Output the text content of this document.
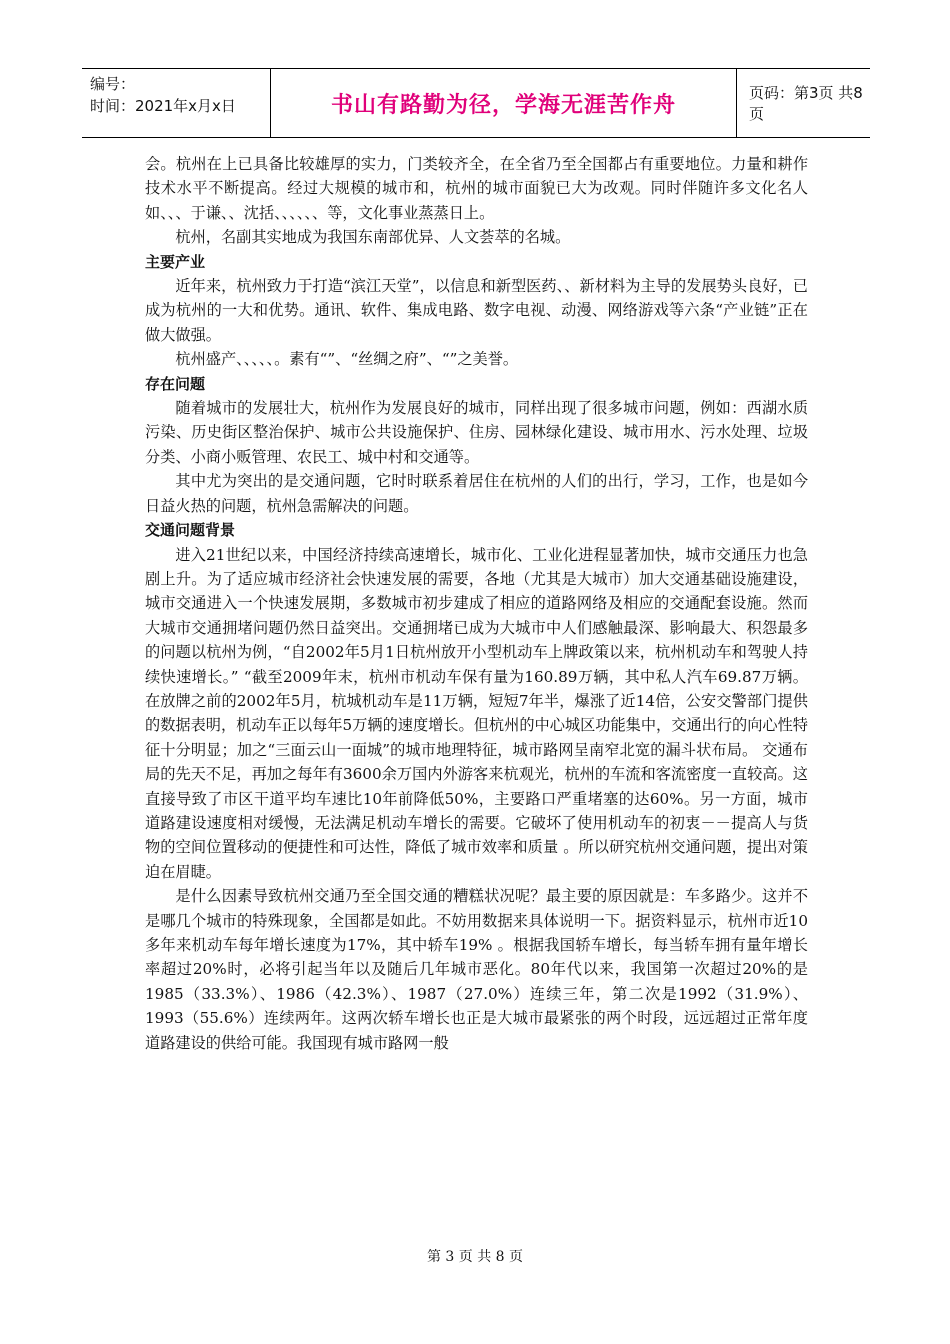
编号：
时间：2021年x月x日	书山有路勤为径，学海无涯苦作舟	页码：第3页 共8页

会。杭州在上已具备比较雄厚的实力，门类较齐全，在全省乃至全国都占有重要地位。力量和耕作技术水平不断提高。经过大规模的城市和，杭州的城市面貌已大为改观。同时伴随许多文化名人如、、、于谦、、沈括、、、、、、等，文化事业蒸蒸日上。

杭州，名副其实地成为我国东南部优异、人文荟萃的名城。

主要产业

近年来，杭州致力于打造“滨江天堂”，以信息和新型医药、、新材料为主导的发展势头良好，已成为杭州的一大和优势。通讯、软件、集成电路、数字电视、动漫、网络游戏等六条“产业链”正在做大做强。

杭州盛产、、、、、。素有“”、“丝绸之府”、“”之美誉。

存在问题

随着城市的发展壮大，杭州作为发展良好的城市，同样出现了很多城市问题，例如：西湖水质污染、历史街区整治保护、城市公共设施保护、住房、园林绿化建设、城市用水、污水处理、垃圾分类、小商小贩管理、农民工、城中村和交通等。

其中尤为突出的是交通问题，它时时联系着居住在杭州的人们的出行，学习，工作，也是如今日益火热的问题，杭州急需解决的问题。

交通问题背景

进入21世纪以来，中国经济持续高速增长，城市化、工业化进程显著加快，城市交通压力也急剧上升。为了适应城市经济社会快速发展的需要，各地（尤其是大城市）加大交通基础设施建设，城市交通进入一个快速发展期，多数城市初步建成了相应的道路网络及相应的交通配套设施。然而大城市交通拥堵问题仍然日益突出。交通拥堵已成为大城市中人们感触最深、影响最大、积怨最多的问题以杭州为例，“自2002年5月1日杭州放开小型机动车上牌政策以来，杭州机动车和驾驶人持续快速增长。” “截至2009年末，杭州市机动车保有量为160.89万辆，其中私人汽车69.87万辆。 在放牌之前的2002年5月，杭城机动车是11万辆，短短7年半，爆涨了近14倍，公安交警部门提供的数据表明，机动车正以每年5万辆的速度增长。但杭州的中心城区功能集中，交通出行的向心性特征十分明显；加之“三面云山一面城”的城市地理特征，城市路网呈南窄北宽的漏斗状布局。 交通布局的先天不足，再加之每年有3600余万国内外游客来杭观光，杭州的车流和客流密度一直较高。这直接导致了市区干道平均车速比10年前降低50%，主要路口严重堵塞的达60%。另一方面，城市道路建设速度相对缓慢，无法满足机动车增长的需要。它破坏了使用机动车的初衷－－提高人与货物的空间位置移动的便捷性和可达性，降低了城市效率和质量 。所以研究杭州交通问题，提出对策迫在眉睫。

是什么因素导致杭州交通乃至全国交通的糟糕状况呢？最主要的原因就是：车多路少。这并不是哪几个城市的特殊现象，全国都是如此。不妨用数据来具体说明一下。据资料显示，杭州市近10多年来机动车每年增长速度为17%，其中轿车19% 。根据我国轿车增长，每当轿车拥有量年增长率超过20%时，必将引起当年以及随后几年城市恶化。80年代以来，我国第一次超过20%的是1985（33.3%）、1986（42.3%）、1987（27.0%）连续三年，第二次是1992（31.9%）、1993（55.6%）连续两年。这两次轿车增长也正是大城市最紧张的两个时段，远远超过正常年度道路建设的供给可能。我国现有城市路网一般

第 3 页 共 8 页
